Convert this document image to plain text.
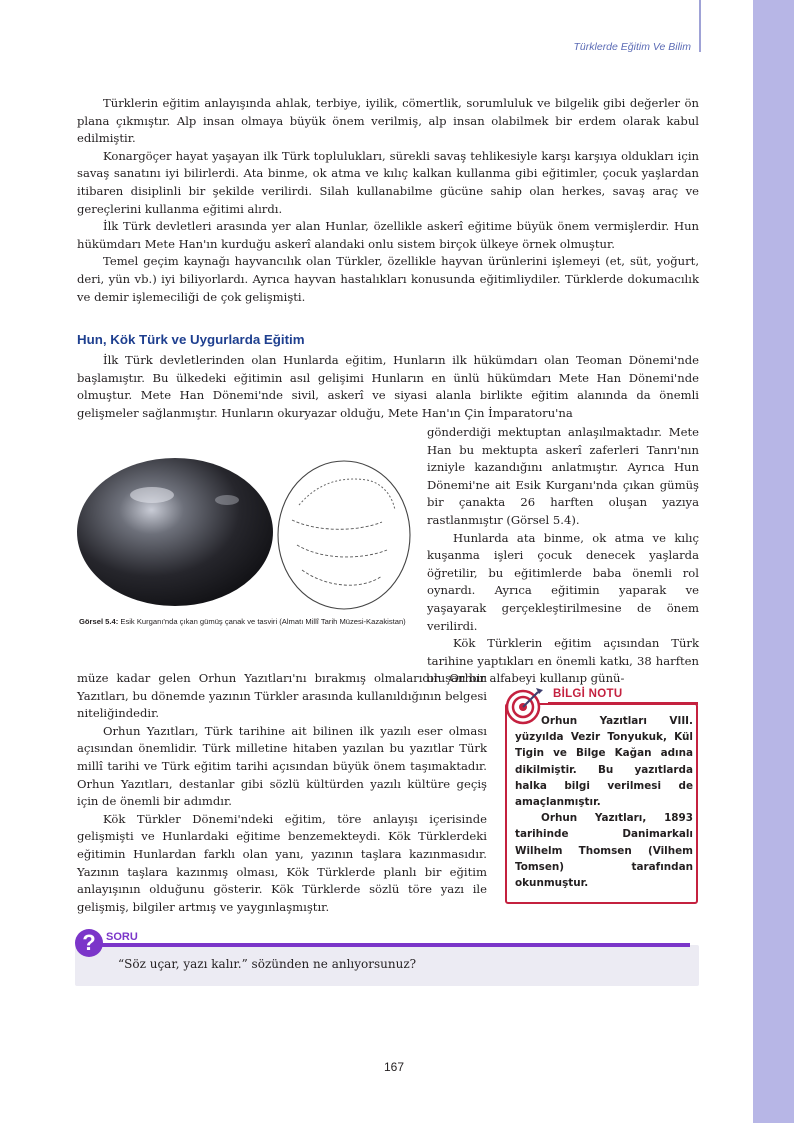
Türklerde Eğitim Ve Bilim

Türklerin eğitim anlayışında ahlak, terbiye, iyilik, cömertlik, sorumluluk ve bilgelik gibi değerler ön plana çıkmıştır. Alp insan olmaya büyük önem verilmiş, alp insan olabilmek bir erdem olarak kabul edilmiştir.

Konargöçer hayat yaşayan ilk Türk toplulukları, sürekli savaş tehlikesiyle karşı karşıya oldukları için savaş sanatını iyi bilirlerdi. Ata binme, ok atma ve kılıç kalkan kullanma gibi eğitimler, çocuk yaşlardan itibaren disiplinli bir şekilde verilirdi. Silah kullanabilme gücüne sahip olan herkes, savaş araç ve gereçlerini kullanma eğitimi alırdı.

İlk Türk devletleri arasında yer alan Hunlar, özellikle askerî eğitime büyük önem vermişlerdir. Hun hükümdarı Mete Han'ın kurduğu askerî alandaki onlu sistem birçok ülkeye örnek olmuştur.

Temel geçim kaynağı hayvancılık olan Türkler, özellikle hayvan ürünlerini işlemeyi (et, süt, yoğurt, deri, yün vb.) iyi biliyorlardı. Ayrıca hayvan hastalıkları konusunda eğitimliydiler. Türklerde dokumacılık ve demir işlemeciliği de çok gelişmişti.

Hun, Kök Türk ve Uygurlarda Eğitim

İlk Türk devletlerinden olan Hunlarda eğitim, Hunların ilk hükümdarı olan Teoman Dönemi'nde başlamıştır. Bu ülkedeki eğitimin asıl gelişimi Hunların en ünlü hükümdarı Mete Han Dönemi'nde olmuştur. Mete Han Dönemi'nde sivil, askerî ve siyasi alanla birlikte eğitim alanında da önemli gelişmeler sağlanmıştır. Hunların okuryazar olduğu, Mete Han'ın Çin İmparatoru'na

gönderdiği mektuptan anlaşılmaktadır. Mete Han bu mektupta askerî zaferleri Tanrı'nın izniyle kazandığını anlatmıştır. Ayrıca Hun Dönemi'ne ait Esik Kurganı'nda çıkan gümüş bir çanakta 26 harften oluşan yazıya rastlanmıştır (Görsel 5.4).

Hunlarda ata binme, ok atma ve kılıç kuşanma işleri çocuk denecek yaşlarda öğretilir, bu eğitimlerde baba önemli rol oynardı. Ayrıca eğitimin yaparak ve yaşayarak gerçekleştirilmesine de önem verilirdi.

Kök Türklerin eğitim açısından Türk tarihine yaptıkları en önemli katkı, 38 harften oluşan bir alfabeyi kullanıp günü-

Görsel 5.4: Esik Kurganı'nda çıkan gümüş çanak ve tasviri (Almatı Millî Tarih Müzesi-Kazakistan)

müze kadar gelen Orhun Yazıtları'nı bırakmış olmalarıdır. Orhun Yazıtları, bu dönemde yazının Türkler arasında kullanıldığının belgesi niteliğindedir.

Orhun Yazıtları, Türk tarihine ait bilinen ilk yazılı eser olması açısından önemlidir. Türk milletine hitaben yazılan bu yazıtlar Türk millî tarihi ve Türk eğitim tarihi açısından büyük önem taşımaktadır. Orhun Yazıtları, destanlar gibi sözlü kültürden yazılı kültüre geçiş için de önemli bir adımdır.

Kök Türkler Dönemi'ndeki eğitim, töre anlayışı içerisinde gelişmişti ve Hunlardaki eğitime benzemekteydi. Kök Türklerdeki eğitimin Hunlardan farklı olan yanı, yazının taşlara kazınmasıdır. Yazının taşlara kazınmış olması, Kök Türklerde planlı bir eğitim anlayışının olduğunu gösterir. Kök Türklerde sözlü töre yazı ile gelişmiş, bilgiler artmış ve yaygınlaşmıştır.

BİLGİ NOTU

Orhun Yazıtları VIII. yüzyılda Vezir Tonyukuk, Kül Tigin ve Bilge Kağan adına dikilmiştir. Bu yazıtlarda halka bilgi verilmesi de amaçlanmıştır.

Orhun Yazıtları, 1893 tarihinde Danimarkalı Wilhelm Thomsen (Vilhem Tomsen) tarafından okunmuştur.

? SORU
“Söz uçar, yazı kalır.” sözünden ne anlıyorsunuz?
167
